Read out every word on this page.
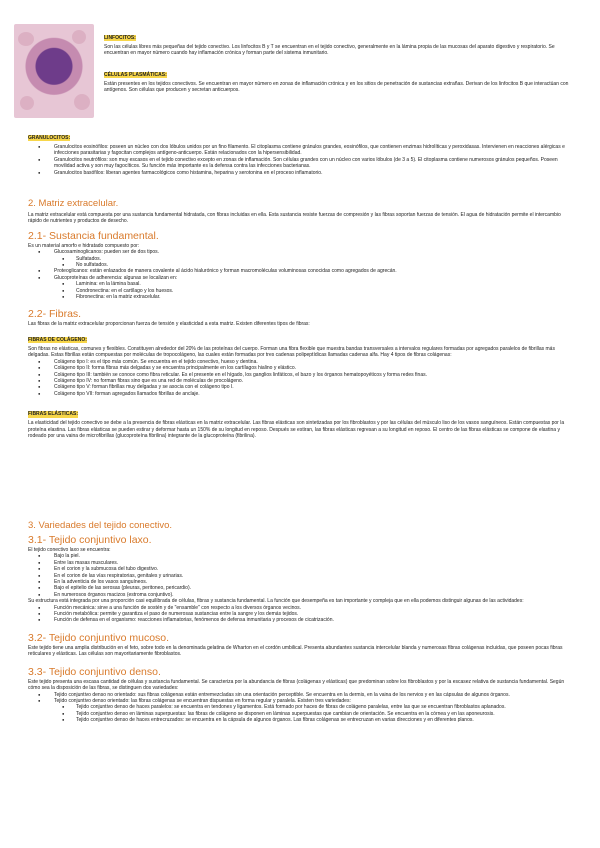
LINFOCITOS:

Son las células libres más pequeñas del tejido conectivo. Los linfocitos B y T se encuentran en el tejido conectivo, generalmente en la lámina propia de las mucosas del aparato digestivo y respiratorio. Se encuentran en mayor número cuando hay inflamación crónica y forman parte del sistema inmunitario.

CÉLULAS PLASMÁTICAS:

Están presentes en los tejidos conectivos. Se encuentran en mayor número en zonas de inflamación crónica y en los sitios de penetración de sustancias extrañas. Derivan de los linfocitos B que interactúan con antígenos. Son células que producen y secretan anticuerpos.

GRANULOCITOS:
● Granulocitos eosinófilos: poseen un núcleo con dos lóbulos unidos por un fino filamento. El citoplasma contiene gránulos grandes, eosinófilos, que contienen enzimas hidrolíticas y peroxidasas. Intervienen en reacciones alérgicas e infecciones parasitarias y fagocitan complejos antígeno-anticuerpo. Están relacionados con la hipersensibilidad.
● Granulocitos neutrófilos: son muy escasos en el tejido conectivo excepto en zonas de inflamación. Son células grandes con un núcleo con varios lóbulos (de 3 a 5). El citoplasma contiene numerosos gránulos pequeños. Poseen movilidad activa y son muy fagocíticos. Su función más importante es la defensa contra las infecciones bacterianas.
● Granulocitos basófilos: liberan agentes farmacológicos como histamina, heparina y serotonina en el proceso inflamatorio.
2. Matriz extracelular.

La matriz extracelular está compuesta por una sustancia fundamental hidratada, con fibras incluidas en ella. Esta sustancia resiste fuerzas de compresión y las fibras soportan fuerzas de tensión. El agua de hidratación permite el intercambio rápido de nutrientes y productos de desecho.

2.1- Sustancia fundamental.

Es un material amorfo e hidratado compuesto por:

● Glucosaminoglicanos: pueden ser de dos tipos.
● Sulfatados.
● No sulfatados.
● Proteoglicanos: están enlazados de manera covalente al ácido hialurónico y forman macromoléculas voluminosas conocidas como agregados de agrecán.
● Glucoproteínas de adherencia: algunas se localizan en:
● Laminina: en la lámina basal.
● Condronectina: en el cartílago y los huesos.
● Fibronectina: en la matriz extracelular.
2.2- Fibras.

Las fibras de la matriz extracelular proporcionan fuerza de tensión y elasticidad a esta matriz. Existen diferentes tipos de fibras:

FIBRAS DE COLÁGENO:

Son fibras no elásticas, comunes y flexibles. Constituyen alrededor del 20% de las proteínas del cuerpo. Forman una fibra flexible que muestra bandas transversales a intervalos regulares formadas por agregados paralelos de fibrillas más delgadas. Estas fibrillas están compuestas por moléculas de tropocolágeno, las cuales están formadas por tres cadenas polipeptídicas llamadas cadenas alfa. Hay 4 tipos de fibras colágenas:

● Colágeno tipo I: es el tipo más común. Se encuentra en el tejido conectivo, hueso y dentina.
● Colágeno tipo II: forma fibras más delgadas y se encuentra principalmente en los cartílagos hialino y elástico.
● Colágeno tipo III: también se conoce como fibra reticular. Es el presente en el hígado, los ganglios linfáticos, el bazo y los órganos hematopoyéticos y forma redes finas.
● Colágeno tipo IV: no forman fibras sino que es una red de moléculas de procolágeno.
● Colágeno tipo V: forman fibrillas muy delgadas y se asocia con el colágeno tipo I.
● Colágeno tipo VII: forman agregados llamados fibrillas de anclaje.
FIBRAS ELÁSTICAS:

La elasticidad del tejido conectivo se debe a la presencia de fibras elásticas en la matriz extracelular. Las fibras elásticas son sintetizadas por los fibroblastos y por las células del músculo liso de los vasos sanguíneos. Están compuestas por la proteína elastina. Las fibras elásticas se pueden estirar y deformar hasta un 150% de su longitud en reposo. Después se estiran, las fibras elásticas regresan a su longitud en reposo. El centro de las fibras elásticas se compone de elastina y rodeado por una vaina de microfibrillas (glucoproteína fibrilina) integrante de la glucoproteína (fibrilina).

3. Variedades del tejido conectivo.
3.1- Tejido conjuntivo laxo.

El tejido conectivo laxo se encuentra:

● Bajo la piel.
● Entre las masas musculares.
● En el corion y la submucosa del tubo digestivo.
● En el corion de las vías respiratorias, genitales y urinarias.
● En la adventicia de los vasos sanguíneos.
● Bajo el epitelio de las serosas (pleuras, peritoneo, pericardio).
● En numerosos órganos macizos (estroma conjuntivo).

Su estructura está integrada por una proporción casi equilibrada de células, fibras y sustancia fundamental. La función que desempeña es tan importante y compleja que en ella podemos distinguir algunas de las actividades:

● Función mecánica: sirve a una función de sostén y de "ensamble" con respecto a los diversos órganos vecinos.
● Función metabólica: permite y garantiza el paso de numerosas sustancias entre la sangre y los demás tejidos.
● Función de defensa en el organismo: reacciones inflamatorias, fenómenos de defensa inmunitaria y procesos de cicatrización.
3.2- Tejido conjuntivo mucoso.

Este tejido tiene una amplia distribución en el feto, sobre todo en la denominada gelatina de Wharton en el cordón umbilical. Presenta abundantes sustancia intercelular blanda y numerosas fibras colágenas incluidas, que poseen pocas fibras reticulares y elásticas. Las células son mayoritariamente fibroblastos.

3.3- Tejido conjuntivo denso.

Este tejido presenta una escasa cantidad de células y sustancia fundamental. Se caracteriza por la abundancia de fibras (colágenas y elásticas) que predominan sobre los fibroblastos y por la escasez relativa de sustancia fundamental. Según cómo sea la disposición de las fibras, se distinguen dos variedades:

● Tejido conjuntivo denso no orientado: sus fibras colágenas están entremezcladas sin una orientación perceptible. Se encuentra en la dermis, en la vaina de los nervios y en las cápsulas de algunos órganos.
● Tejido conjuntivo denso orientado: las fibras colágenas se encuentran dispuestas en forma regular y paralela. Existen tres variedades:
● Tejido conjuntivo denso de haces paralelos: se encuentra en tendones y ligamentos. Está formado por haces de fibras de colágeno paralelas, entre las que se encuentran fibroblastos aplanados.
● Tejido conjuntivo denso en láminas superpuestas: las fibras de colágeno se disponen en láminas superpuestas que cambian de orientación. Se encuentra en la córnea y en las aponeurosis.
● Tejido conjuntivo denso de haces entrecruzados: se encuentra en la cápsula de algunos órganos. Las fibras colágenas se entrecruzan en varias direcciones y en diferentes planos.
